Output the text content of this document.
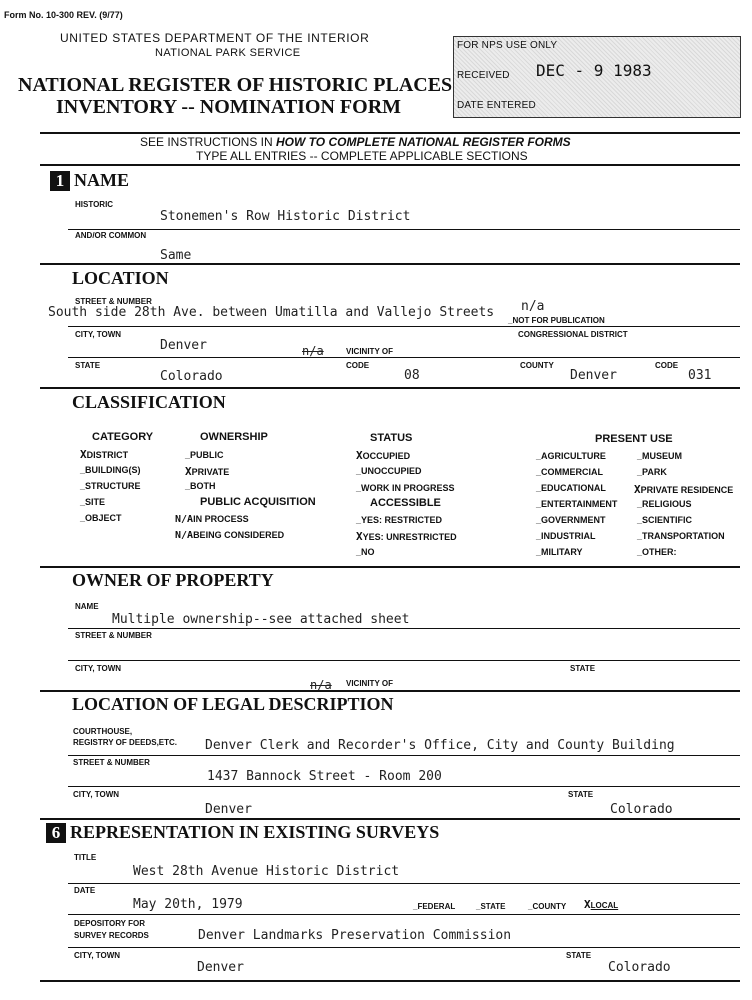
Form No. 10-300 REV. (9/77)
UNITED STATES DEPARTMENT OF THE INTERIOR
NATIONAL PARK SERVICE
NATIONAL REGISTER OF HISTORIC PLACES
INVENTORY -- NOMINATION FORM
FOR NPS USE ONLY
RECEIVED DEC - 9 1983
DATE ENTERED
SEE INSTRUCTIONS IN HOW TO COMPLETE NATIONAL REGISTER FORMS
TYPE ALL ENTRIES -- COMPLETE APPLICABLE SECTIONS
1 NAME
HISTORIC
Stonemen's Row Historic District
AND/OR COMMON
Same
LOCATION
STREET & NUMBER
South side 28th Ave. between Umatilla and Vallejo Streets n/a
_NOT FOR PUBLICATION
CITY, TOWN	CONGRESSIONAL DISTRICT
Denver	n/a	VICINITY OF
STATE	CODE	COUNTY	CODE
Colorado	08	Denver	031
CLASSIFICATION
CATEGORY
XDISTRICT
_BUILDING(S)
_STRUCTURE
_SITE
_OBJECT
OWNERSHIP
_PUBLIC
XPRIVATE
_BOTH
PUBLIC ACQUISITION
N/AIN PROCESS
N/ABEING CONSIDERED
STATUS
XOCCUPIED
_UNOCCUPIED
_WORK IN PROGRESS
ACCESSIBLE
_YES: RESTRICTED
XYES: UNRESTRICTED
_NO
PRESENT USE
_AGRICULTURE
_COMMERCIAL
_EDUCATIONAL
_ENTERTAINMENT
_GOVERNMENT
_INDUSTRIAL
_MILITARY
_MUSEUM
_PARK
XPRIVATE RESIDENCE
_RELIGIOUS
_SCIENTIFIC
_TRANSPORTATION
_OTHER:
OWNER OF PROPERTY
NAME
Multiple ownership--see attached sheet
STREET & NUMBER
CITY, TOWN	STATE
n/a VICINITY OF
LOCATION OF LEGAL DESCRIPTION
COURTHOUSE,
REGISTRY OF DEEDS,ETC. Denver Clerk and Recorder's Office, City and County Building
STREET & NUMBER
1437 Bannock Street - Room 200
CITY, TOWN	STATE
Denver	Colorado
6 REPRESENTATION IN EXISTING SURVEYS
TITLE
West 28th Avenue Historic District
DATE
May 20th, 1979	_FEDERAL	_STATE	_COUNTY XLOCAL
DEPOSITORY FOR
SURVEY RECORDS	Denver Landmarks Preservation Commission
CITY, TOWN	STATE
Denver	Colorado
